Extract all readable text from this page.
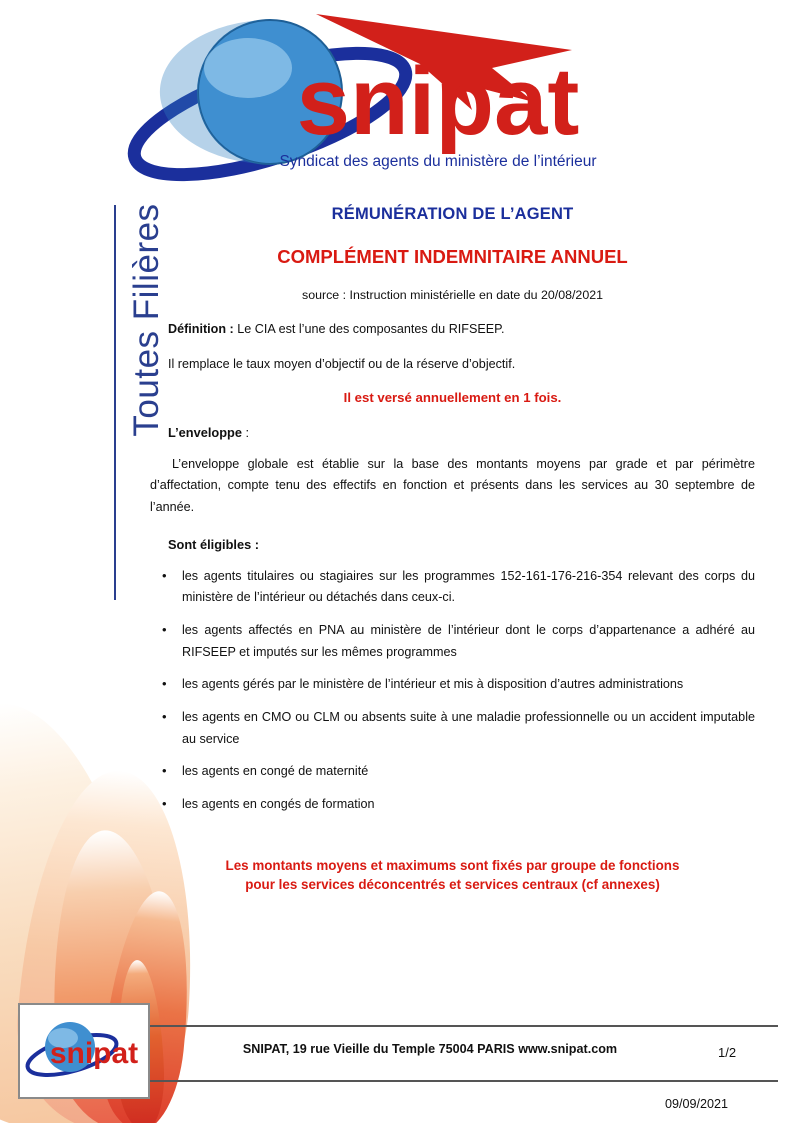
snipat
Syndicat des agents du ministère de l’intérieur
Toutes Filières	RÉMUNÉRATION DE L’AGENT
COMPLÉMENT INDEMNITAIRE ANNUEL
source : Instruction ministérielle en date du 20/08/2021
Définition : Le CIA est l’une des composantes du RIFSEEP.
Il remplace le taux moyen d’objectif ou de la réserve d’objectif.
Il est versé annuellement en 1 fois.
L’enveloppe :
L’enveloppe globale est établie sur la base des montants moyens par grade et par périmètre d’affectation, compte tenu des effectifs en fonction et présents dans les services au 30 septembre de l’année.
Sont éligibles :
• les agents titulaires ou stagiaires sur les programmes 152-161-176-216-354 relevant des corps du ministère de l’intérieur ou détachés dans ceux-ci.
• les agents affectés en PNA au ministère de l’intérieur dont le corps d’appartenance a adhéré au RIFSEEP et imputés sur les mêmes programmes
• les agents gérés par le ministère de l’intérieur et mis à disposition d’autres administrations
• les agents en CMO ou CLM ou absents suite à une maladie professionnelle ou un accident imputable au service
• les agents en congé de maternité
• les agents en congés de formation
Les montants moyens et maximums sont fixés par groupe de fonctions
pour les services déconcentrés et services centraux (cf annexes)
snipat	SNIPAT, 19 rue Vieille du Temple 75004 PARIS www.snipat.com	1/2
09/09/2021
